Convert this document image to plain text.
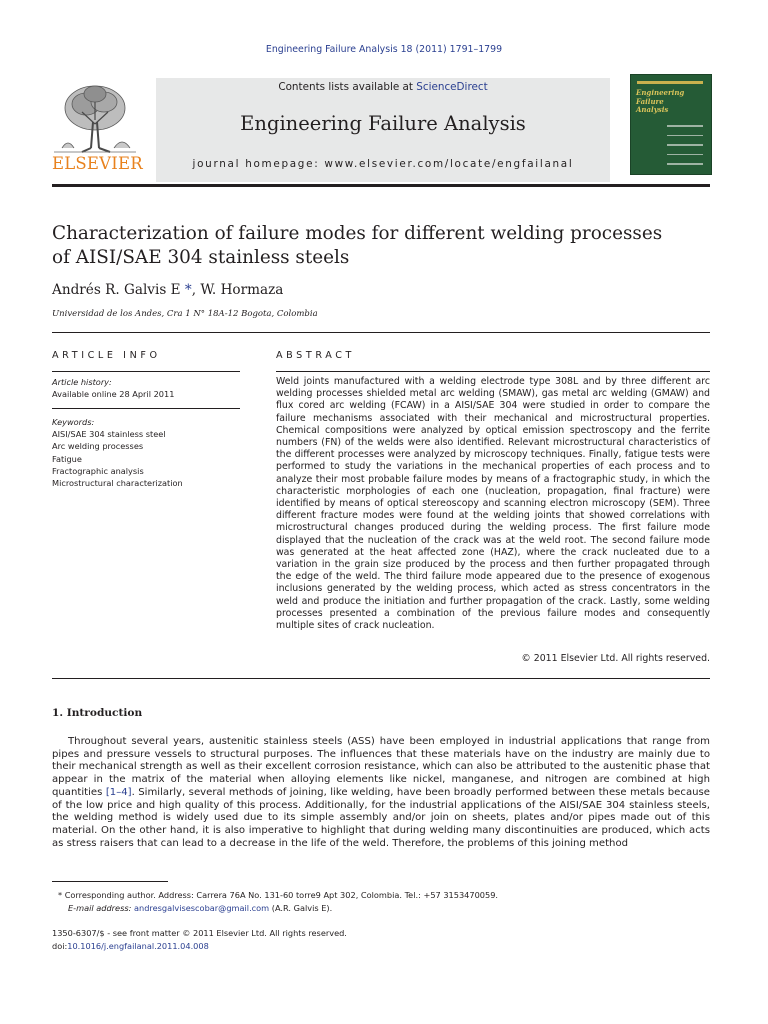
Engineering Failure Analysis 18 (2011) 1791–1799
ELSEVIER
Contents lists available at ScienceDirect
Engineering Failure Analysis
journal homepage: www.elsevier.com/locate/engfailanal
Engineering
Failure
Analysis
Characterization of failure modes for different welding processes
of AISI/SAE 304 stainless steels
Andrés R. Galvis E *, W. Hormaza
Universidad de los Andes, Cra 1 N° 18A-12 Bogota, Colombia
ARTICLE INFO
Article history:
Available online 28 April 2011
Keywords:
AISI/SAE 304 stainless steel
Arc welding processes
Fatigue
Fractographic analysis
Microstructural characterization
ABSTRACT
Weld joints manufactured with a welding electrode type 308L and by three different arc welding processes shielded metal arc welding (SMAW), gas metal arc welding (GMAW) and flux cored arc welding (FCAW) in a AISI/SAE 304 were studied in order to compare the failure mechanisms associated with their mechanical and microstructural properties. Chemical compositions were analyzed by optical emission spectroscopy and the ferrite numbers (FN) of the welds were also identified. Relevant microstructural characteristics of the different processes were analyzed by microscopy techniques. Finally, fatigue tests were performed to study the variations in the mechanical properties of each process and to analyze their most probable failure modes by means of a fractographic study, in which the characteristic morphologies of each one (nucleation, propagation, final fracture) were identified by means of optical stereoscopy and scanning electron microscopy (SEM). Three different fracture modes were found at the welding joints that showed correlations with microstructural changes produced during the welding process. The first failure mode displayed that the nucleation of the crack was at the weld root. The second failure mode was generated at the heat affected zone (HAZ), where the crack nucleated due to a variation in the grain size produced by the process and then further propagated through the edge of the weld. The third failure mode appeared due to the presence of exogenous inclusions generated by the welding process, which acted as stress concentrators in the weld and produce the initiation and further propagation of the crack. Lastly, some welding processes presented a combination of the previous failure modes and consequently multiple sites of crack nucleation.
© 2011 Elsevier Ltd. All rights reserved.
1. Introduction
Throughout several years, austenitic stainless steels (ASS) have been employed in industrial applications that range from pipes and pressure vessels to structural purposes. The influences that these materials have on the industry are mainly due to their mechanical strength as well as their excellent corrosion resistance, which can also be attributed to the austenitic phase that appear in the matrix of the material when alloying elements like nickel, manganese, and nitrogen are combined at high quantities [1–4]. Similarly, several methods of joining, like welding, have been broadly performed between these metals because of the low price and high quality of this process. Additionally, for the industrial applications of the AISI/SAE 304 stainless steels, the welding method is widely used due to its simple assembly and/or join on sheets, plates and/or pipes made out of this material. On the other hand, it is also imperative to highlight that during welding many discontinuities are produced, which acts as stress raisers that can lead to a decrease in the life of the weld. Therefore, the problems of this joining method
* Corresponding author. Address: Carrera 76A No. 131-60 torre9 Apt 302, Colombia. Tel.: +57 3153470059.
E-mail address: andresgalvisescobar@gmail.com (A.R. Galvis E).
1350-6307/$ - see front matter © 2011 Elsevier Ltd. All rights reserved.
doi:10.1016/j.engfailanal.2011.04.008
